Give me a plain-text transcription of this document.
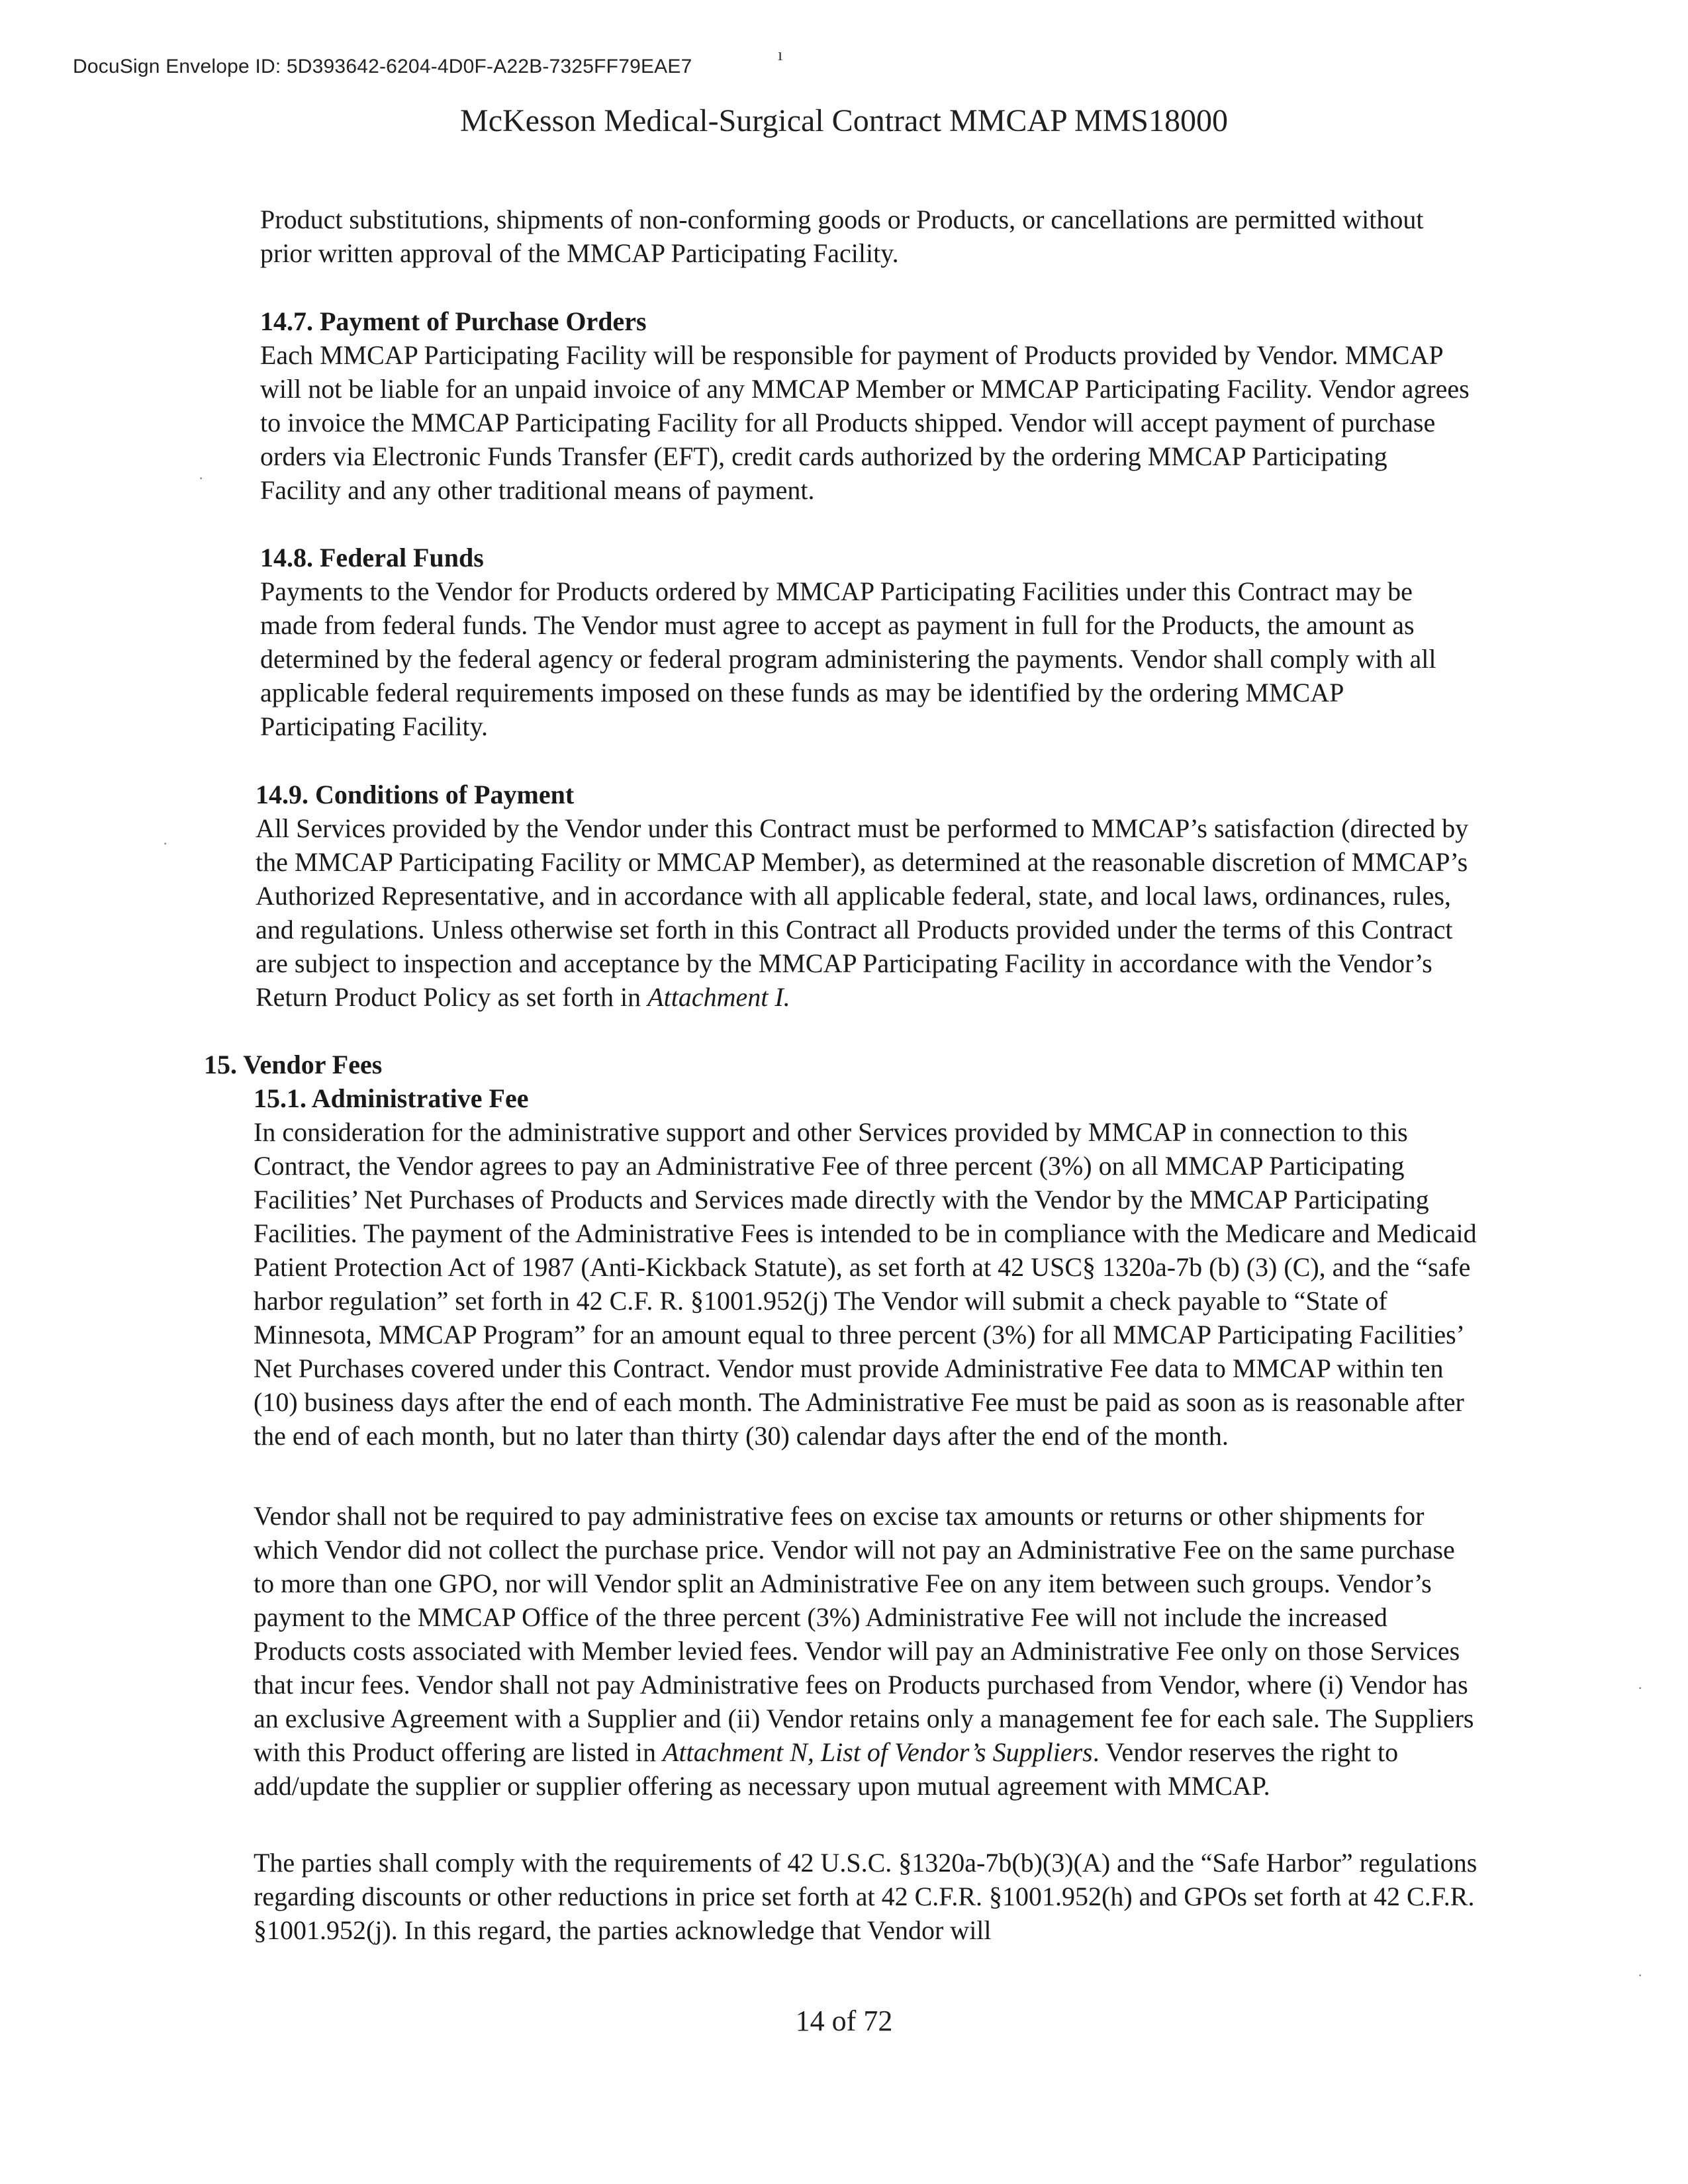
DocuSign Envelope ID: 5D393642-6204-4D0F-A22B-7325FF79EAE7
ı
McKesson Medical-Surgical Contract MMCAP MMS18000
·
·
·
·

Product substitutions, shipments of non-conforming goods or Products, or cancellations are permitted without prior written approval of the MMCAP Participating Facility.

14.7. Payment of Purchase Orders

Each MMCAP Participating Facility will be responsible for payment of Products provided by Vendor. MMCAP will not be liable for an unpaid invoice of any MMCAP Member or MMCAP Participating Facility. Vendor agrees to invoice the MMCAP Participating Facility for all Products shipped. Vendor will accept payment of purchase orders via Electronic Funds Transfer (EFT), credit cards authorized by the ordering MMCAP Participating Facility and any other traditional means of payment.

14.8. Federal Funds

Payments to the Vendor for Products ordered by MMCAP Participating Facilities under this Contract may be made from federal funds. The Vendor must agree to accept as payment in full for the Products, the amount as determined by the federal agency or federal program administering the payments. Vendor shall comply with all applicable federal requirements imposed on these funds as may be identified by the ordering MMCAP Participating Facility.

14.9. Conditions of Payment

All Services provided by the Vendor under this Contract must be performed to MMCAP’s satisfaction (directed by the MMCAP Participating Facility or MMCAP Member), as determined at the reasonable discretion of MMCAP’s Authorized Representative, and in accordance with all applicable federal, state, and local laws, ordinances, rules, and regulations. Unless otherwise set forth in this Contract all Products provided under the terms of this Contract are subject to inspection and acceptance by the MMCAP Participating Facility in accordance with the Vendor’s Return Product Policy as set forth in Attachment I.

15. Vendor Fees

15.1. Administrative Fee

In consideration for the administrative support and other Services provided by MMCAP in connection to this Contract, the Vendor agrees to pay an Administrative Fee of three percent (3%) on all MMCAP Participating Facilities’ Net Purchases of Products and Services made directly with the Vendor by the MMCAP Participating Facilities. The payment of the Administrative Fees is intended to be in compliance with the Medicare and Medicaid Patient Protection Act of 1987 (Anti-Kickback Statute), as set forth at 42 USC§ 1320a-7b (b) (3) (C), and the “safe harbor regulation” set forth in 42 C.F. R. §1001.952(j) The Vendor will submit a check payable to “State of Minnesota, MMCAP Program” for an amount equal to three percent (3%) for all MMCAP Participating Facilities’ Net Purchases covered under this Contract. Vendor must provide Administrative Fee data to MMCAP within ten (10) business days after the end of each month. The Administrative Fee must be paid as soon as is reasonable after the end of each month, but no later than thirty (30) calendar days after the end of the month.

Vendor shall not be required to pay administrative fees on excise tax amounts or returns or other shipments for which Vendor did not collect the purchase price. Vendor will not pay an Administrative Fee on the same purchase to more than one GPO, nor will Vendor split an Administrative Fee on any item between such groups. Vendor’s payment to the MMCAP Office of the three percent (3%) Administrative Fee will not include the increased Products costs associated with Member levied fees. Vendor will pay an Administrative Fee only on those Services that incur fees. Vendor shall not pay Administrative fees on Products purchased from Vendor, where (i) Vendor has an exclusive Agreement with a Supplier and (ii) Vendor retains only a management fee for each sale. The Suppliers with this Product offering are listed in Attachment N, List of Vendor’s Suppliers. Vendor reserves the right to add/update the supplier or supplier offering as necessary upon mutual agreement with MMCAP.

The parties shall comply with the requirements of 42 U.S.C. §1320a-7b(b)(3)(A) and the “Safe Harbor” regulations regarding discounts or other reductions in price set forth at 42 C.F.R. §1001.952(h) and GPOs set forth at 42 C.F.R. §1001.952(j). In this regard, the parties acknowledge that Vendor will

14 of 72
